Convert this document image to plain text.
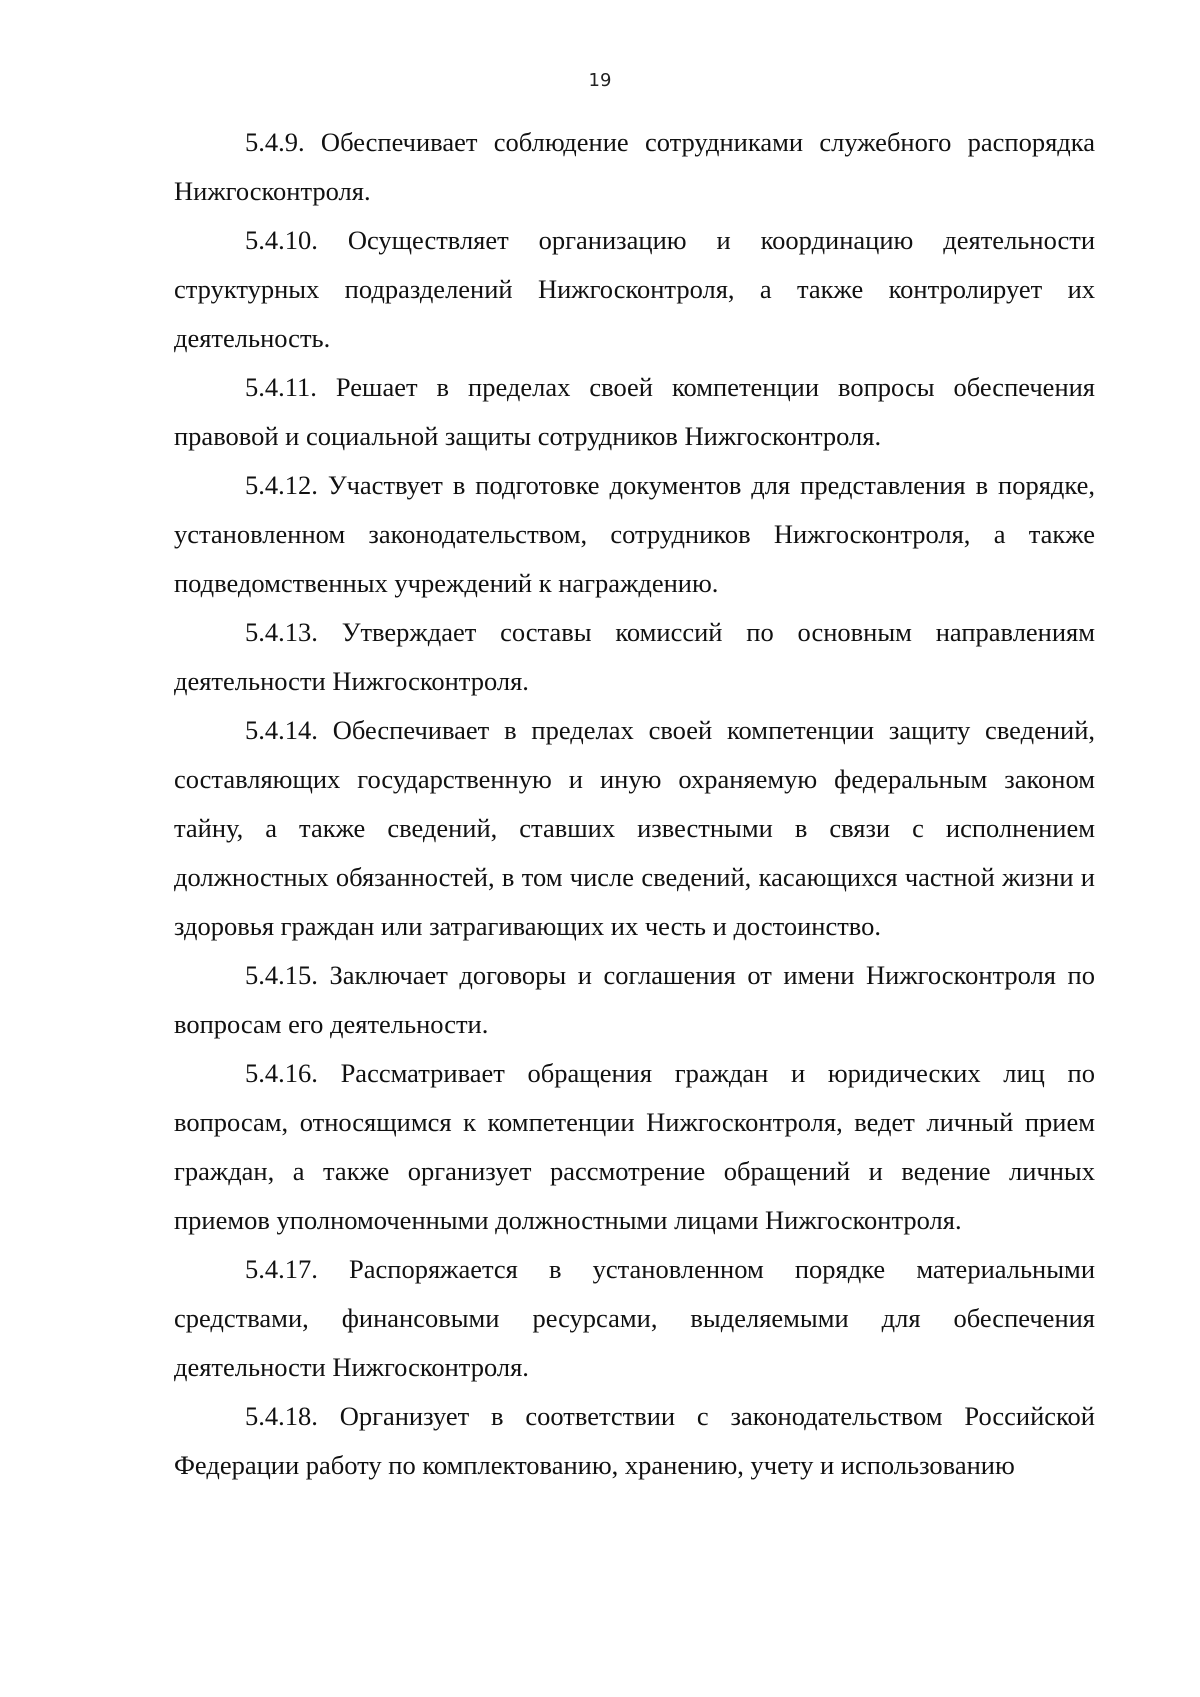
19

5.4.9. Обеспечивает соблюдение сотрудниками служебного распорядка Нижгосконтроля.

5.4.10. Осуществляет организацию и координацию деятельности структурных подразделений Нижгосконтроля, а также контролирует их деятельность.

5.4.11. Решает в пределах своей компетенции вопросы обеспечения правовой и социальной защиты сотрудников Нижгосконтроля.

5.4.12. Участвует в подготовке документов для представления в порядке, установленном законодательством, сотрудников Нижгосконтроля, а также подведомственных учреждений к награждению.

5.4.13. Утверждает составы комиссий по основным направлениям деятельности Нижгосконтроля.

5.4.14. Обеспечивает в пределах своей компетенции защиту сведений, составляющих государственную и иную охраняемую федеральным законом тайну, а также сведений, ставших известными в связи с исполнением должностных обязанностей, в том числе сведений, касающихся частной жизни и здоровья граждан или затрагивающих их честь и достоинство.

5.4.15. Заключает договоры и соглашения от имени Нижгосконтроля по вопросам его деятельности.

5.4.16. Рассматривает обращения граждан и юридических лиц по вопросам, относящимся к компетенции Нижгосконтроля, ведет личный прием граждан, а также организует рассмотрение обращений и ведение личных приемов уполномоченными должностными лицами Нижгосконтроля.

5.4.17. Распоряжается в установленном порядке материальными средствами, финансовыми ресурсами, выделяемыми для обеспечения деятельности Нижгосконтроля.

5.4.18. Организует в соответствии с законодательством Российской Федерации работу по комплектованию, хранению, учету и использованию
